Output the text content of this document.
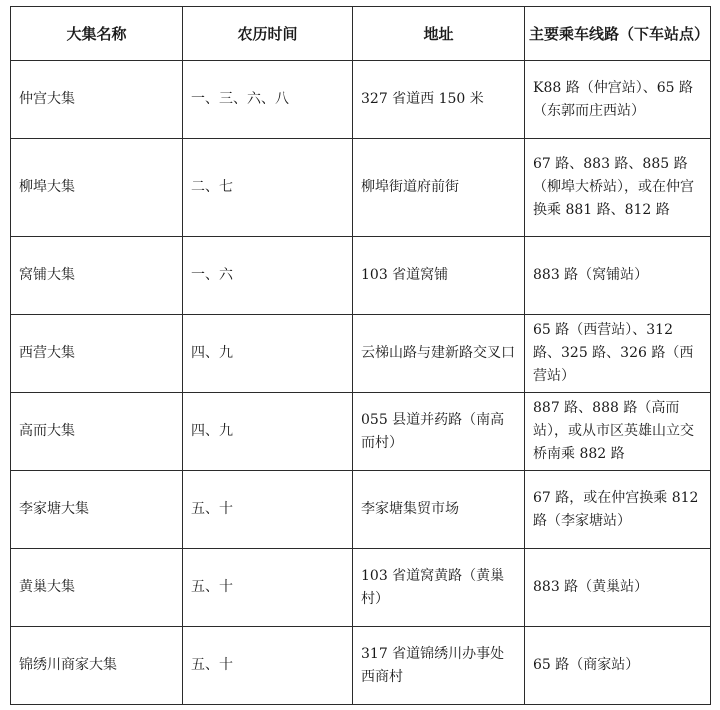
大集名称	农历时间	地址	主要乘车线路（下车站点）

仲宫大集	一、三、六、八	327 省道西 150 米	K88 路（仲宫站）、65 路（东郭而庄西站）

柳埠大集	二、七	柳埠街道府前街	67 路、883 路、885 路（柳埠大桥站），或在仲宫换乘 881 路、812 路

窝铺大集	一、六	103 省道窝铺	883 路（窝铺站）

西营大集	四、九	云梯山路与建新路交叉口	65 路（西营站）、312 路、325 路、326 路（西营站）

高而大集	四、九	055 县道并药路（南高而村）	887 路、888 路（高而站），或从市区英雄山立交桥南乘 882 路

李家塘大集	五、十	李家塘集贸市场	67 路，或在仲宫换乘 812 路（李家塘站）

黄巢大集	五、十	103 省道窝黄路（黄巢村）	883 路（黄巢站）

锦绣川商家大集	五、十	317 省道锦绣川办事处西商村	65 路（商家站）
